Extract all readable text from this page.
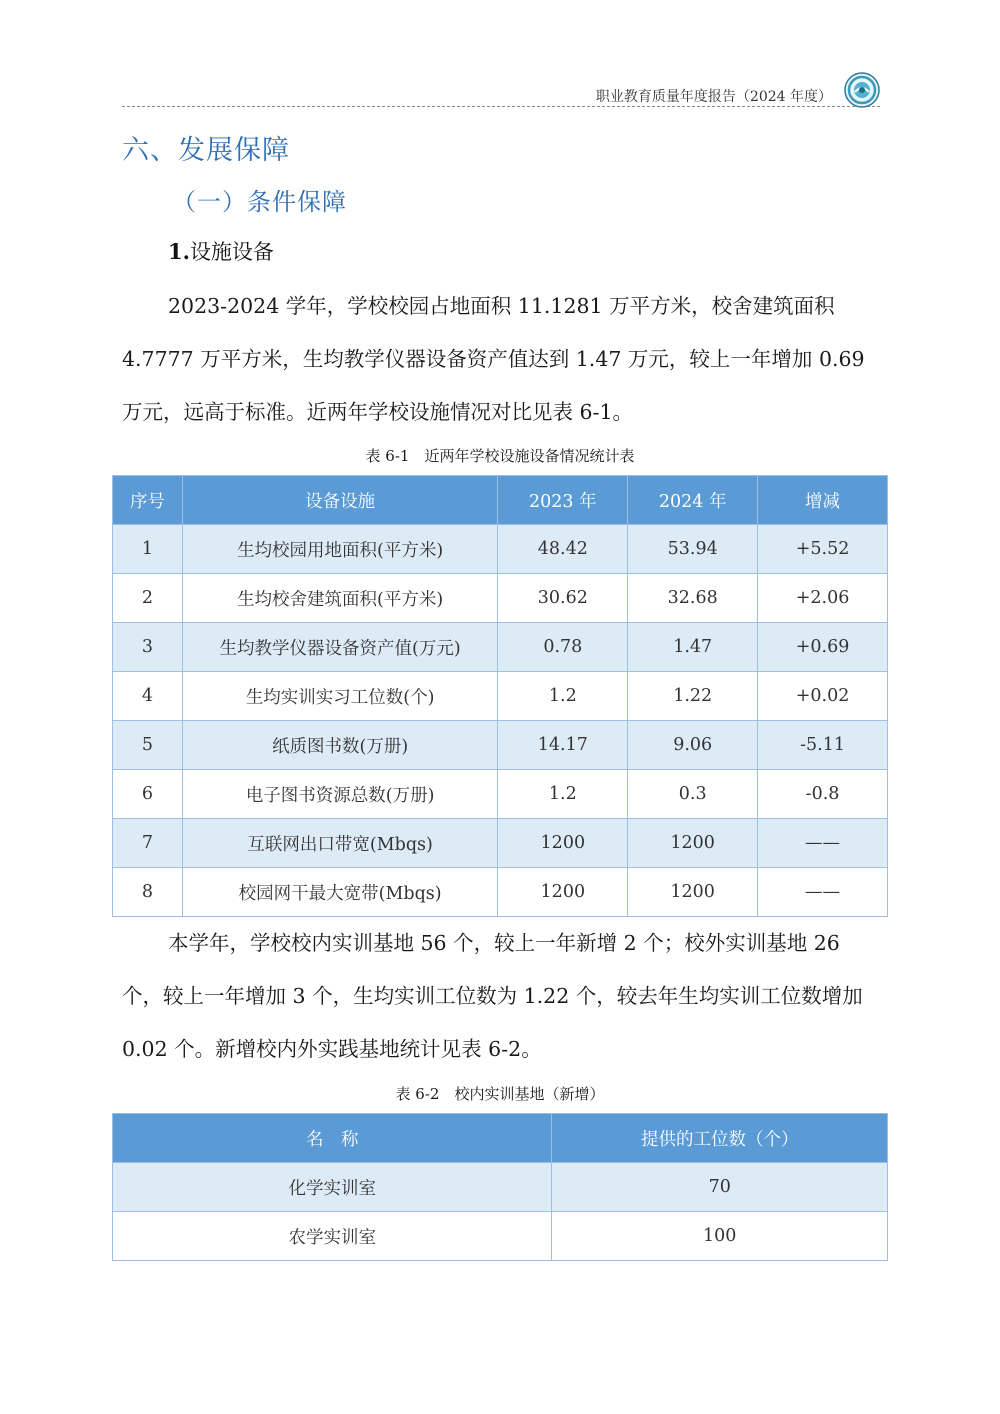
职业教育质量年度报告（2024 年度）
六、发展保障
（一）条件保障
1.设施设备
2023-2024 学年，学校校园占地面积 11.1281 万平方米，校舍建筑面积 4.7777 万平方米，生均教学仪器设备资产值达到 1.47 万元，较上一年增加 0.69 万元，远高于标准。近两年学校设施情况对比见表 6-1。
表 6-1　近两年学校设施设备情况统计表
序号	设备设施	2023 年	2024 年	增减
1	生均校园用地面积(平方米)	48.42	53.94	+5.52
2	生均校舍建筑面积(平方米)	30.62	32.68	+2.06
3	生均教学仪器设备资产值(万元)	0.78	1.47	+0.69
4	生均实训实习工位数(个)	1.2	1.22	+0.02
5	纸质图书数(万册)	14.17	9.06	-5.11
6	电子图书资源总数(万册)	1.2	0.3	-0.8
7	互联网出口带宽(Mbqs)	1200	1200	——
8	校园网干最大宽带(Mbqs)	1200	1200	——
本学年，学校校内实训基地 56 个，较上一年新增 2 个；校外实训基地 26 个，较上一年增加 3 个，生均实训工位数为 1.22 个，较去年生均实训工位数增加 0.02 个。新增校内外实践基地统计见表 6-2。
表 6-2　校内实训基地（新增）
名　称	提供的工位数（个）
化学实训室	70
农学实训室	100
